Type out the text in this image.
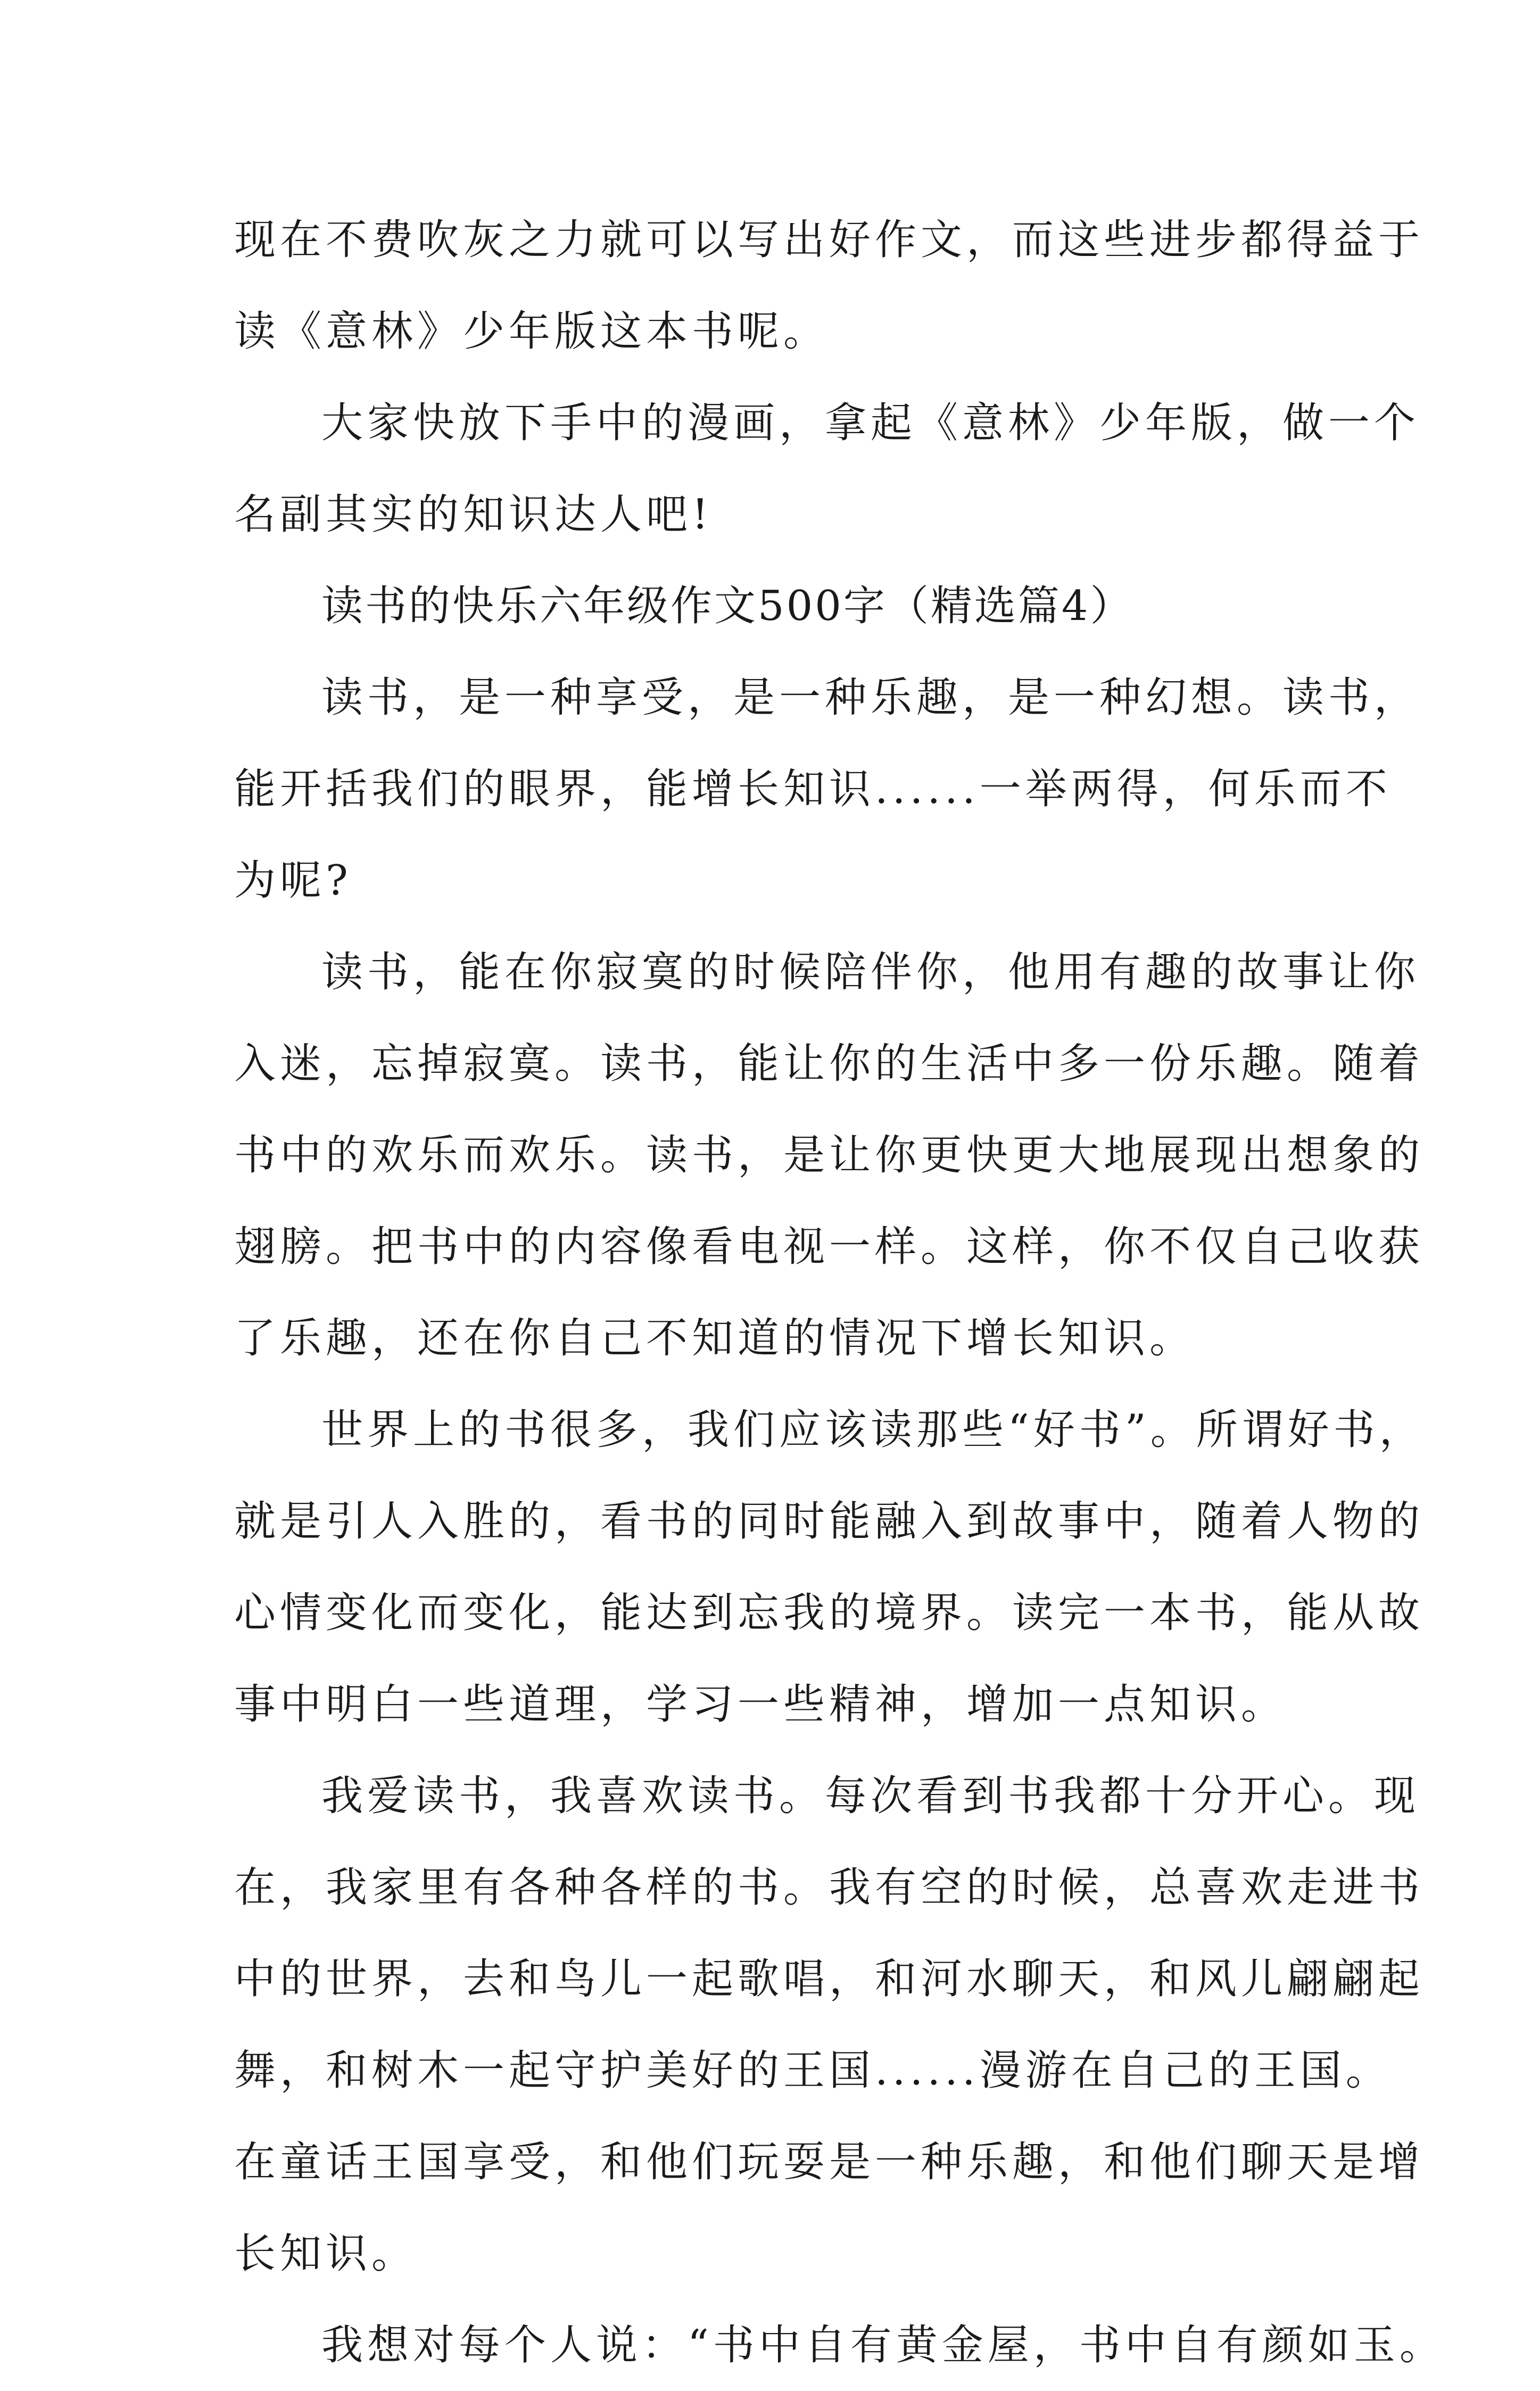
现在不费吹灰之力就可以写出好作文，而这些进步都得益于
读《意林》少年版这本书呢。
大家快放下手中的漫画，拿起《意林》少年版，做一个
名副其实的知识达人吧!
读书的快乐六年级作文500字（精选篇4）
读书，是一种享受，是一种乐趣，是一种幻想。读书，
能开括我们的眼界，能增长知识......一举两得，何乐而不
为呢?
读书，能在你寂寞的时候陪伴你，他用有趣的故事让你
入迷，忘掉寂寞。读书，能让你的生活中多一份乐趣。随着
书中的欢乐而欢乐。读书，是让你更快更大地展现出想象的
翅膀。把书中的内容像看电视一样。这样，你不仅自己收获
了乐趣，还在你自己不知道的情况下增长知识。
世界上的书很多，我们应该读那些“好书”。所谓好书，
就是引人入胜的，看书的同时能融入到故事中，随着人物的
心情变化而变化，能达到忘我的境界。读完一本书，能从故
事中明白一些道理，学习一些精神，增加一点知识。
我爱读书，我喜欢读书。每次看到书我都十分开心。现
在，我家里有各种各样的书。我有空的时候，总喜欢走进书
中的世界，去和鸟儿一起歌唱，和河水聊天，和风儿翩翩起
舞，和树木一起守护美好的王国......漫游在自己的王国。
在童话王国享受，和他们玩耍是一种乐趣，和他们聊天是增
长知识。
我想对每个人说：“书中自有黄金屋，书中自有颜如玉。
